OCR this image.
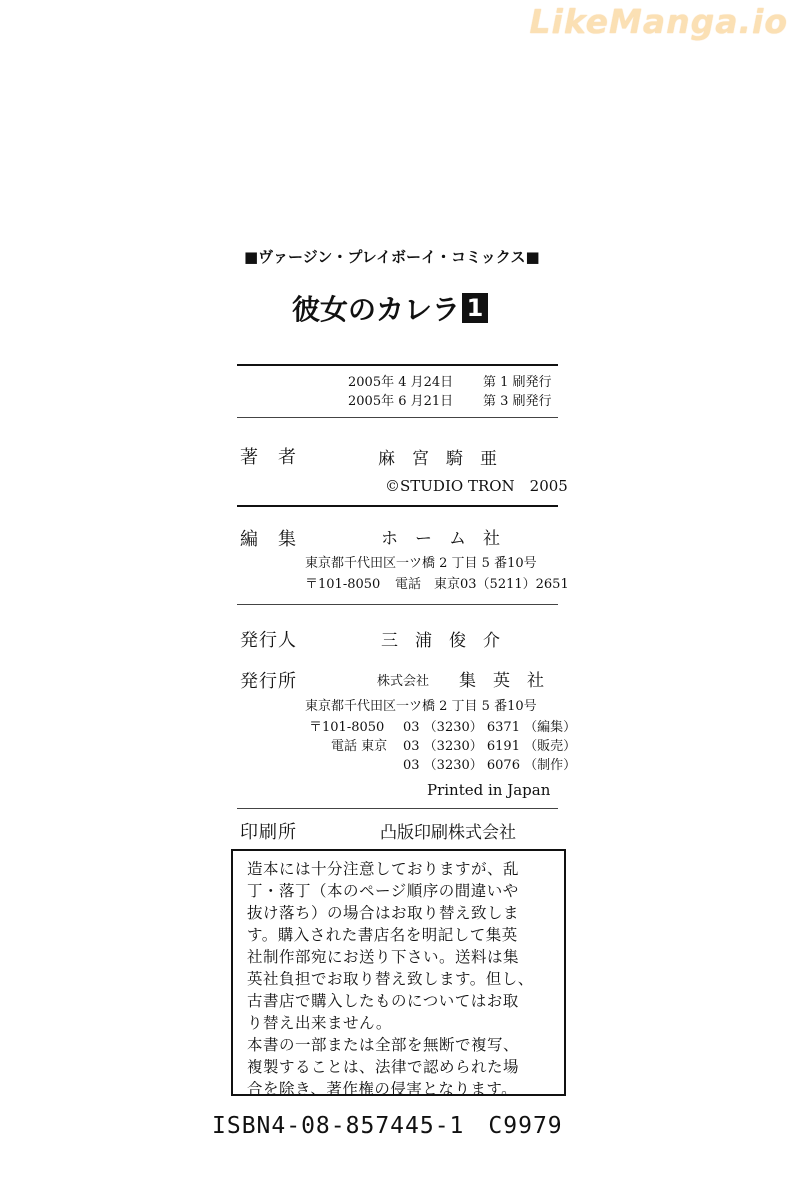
LikeManga.io
■ヴァージン・プレイボーイ・コミックス■
彼女のカレラ 1
2005年 4 月24日 第 1 刷発行
2005年 6 月21日 第 3 刷発行
著　者	麻　宮　騎　亜
©STUDIO TRON　2005
編　集	ホ　ー　ム　社
東京都千代田区一ツ橋 2 丁目 5 番10号
〒101-8050 電話　東京03（5211）2651
発行人	三　浦　俊　介
発行所	株式会社 集　英　社
東京都千代田区一ツ橋 2 丁目 5 番10号
〒101-8050 03 （3230） 6371 （編集）
電話 東京 03 （3230） 6191 （販売）
03 （3230） 6076 （制作）
Printed in Japan
印刷所	凸版印刷株式会社
造本には十分注意しておりますが、乱
丁・落丁（本のページ順序の間違いや
抜け落ち）の場合はお取り替え致しま
す。購入された書店名を明記して集英
社制作部宛にお送り下さい。送料は集
英社負担でお取り替え致します。但し、
古書店で購入したものについてはお取
り替え出来ません。
本書の一部または全部を無断で複写、
複製することは、法律で認められた場
合を除き、著作権の侵害となります。
ISBN4-08-857445-1　C9979
